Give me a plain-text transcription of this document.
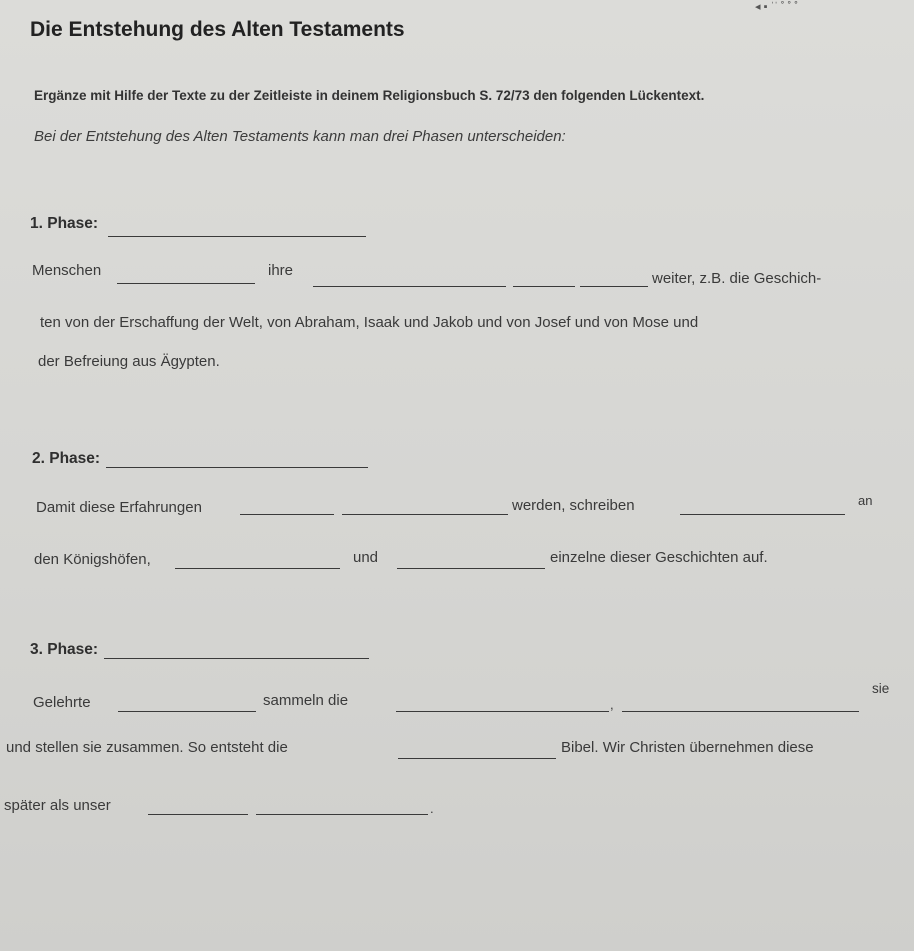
◂ ▪ ˈˈ ˚ ˚ ˚
Die Entstehung des Alten Testaments
Ergänze mit Hilfe der Texte zu der Zeitleiste in deinem Religionsbuch S. 72/73 den folgenden Lückentext.
Bei der Entstehung des Alten Testaments kann man drei Phasen unterscheiden:
1. Phase:
Menschen	ihre	weiter, z.B. die Geschich-
ten von der Erschaffung der Welt, von Abraham, Isaak und Jakob und von Josef und von Mose und
der Befreiung aus Ägypten.
2. Phase:
Damit diese Erfahrungen	werden, schreiben	an
den Königshöfen,	und	einzelne dieser Geschichten auf.
3. Phase:
Gelehrte	sammeln die	,
sie
und stellen sie zusammen. So entsteht die	Bibel. Wir Christen übernehmen diese
später als unser	.
